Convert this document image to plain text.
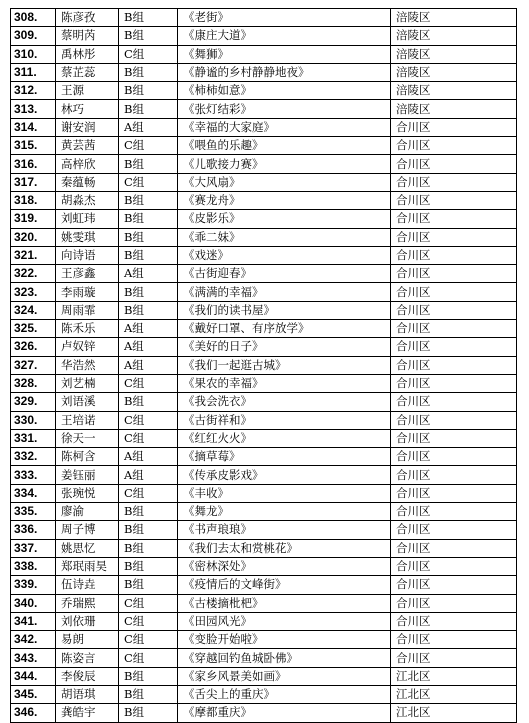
308.	陈彦孜	B组	《老街》	涪陵区
309.	蔡明芮	B组	《康庄大道》	涪陵区
310.	禹林彤	C组	《舞狮》	涪陵区
311.	蔡芷蕊	B组	《静谧的乡村静静地夜》	涪陵区
312.	王源	B组	《柿柿如意》	涪陵区
313.	林巧	B组	《张灯结彩》	涪陵区
314.	谢安润	A组	《幸福的大家庭》	合川区
315.	黄芸茜	C组	《喂鱼的乐趣》	合川区
316.	高梓欣	B组	《儿歌接力赛》	合川区
317.	秦蕴畅	C组	《大风扇》	合川区
318.	胡淼杰	B组	《赛龙舟》	合川区
319.	刘虹玮	B组	《皮影乐》	合川区
320.	姚雯琪	B组	《乖二妹》	合川区
321.	向诗语	B组	《戏迷》	合川区
322.	王彦鑫	A组	《古街迎春》	合川区
323.	李雨璇	B组	《满满的幸福》	合川区
324.	周雨霏	B组	《我们的读书屋》	合川区
325.	陈禾乐	A组	《戴好口罩、有序放学》	合川区
326.	卢奴锌	A组	《美好的日子》	合川区
327.	华浩然	A组	《我们一起逛古城》	合川区
328.	刘艺楠	C组	《果农的幸福》	合川区
329.	刘语溪	B组	《我会洗衣》	合川区
330.	王培诺	C组	《古街祥和》	合川区
331.	徐天一	C组	《红红火火》	合川区
332.	陈柯含	A组	《摘草莓》	合川区
333.	姜钰丽	A组	《传承皮影戏》	合川区
334.	张琬悦	C组	《丰收》	合川区
335.	廖渝	B组	《舞龙》	合川区
336.	周子博	B组	《书声琅琅》	合川区
337.	姚思忆	B组	《我们去太和赏桃花》	合川区
338.	郑珉雨昊	B组	《密林深处》	合川区
339.	伍诗垚	B组	《疫情后的文峰街》	合川区
340.	乔瑞熙	C组	《古楼摘枇杷》	合川区
341.	刘依珊	C组	《田园风光》	合川区
342.	易朗	C组	《变脸开始啦》	合川区
343.	陈姿言	C组	《穿越回钓鱼城卧佛》	合川区
344.	李俊辰	B组	《家乡风景美如画》	江北区
345.	胡语琪	B组	《舌尖上的重庆》	江北区
346.	龚皓宇	B组	《摩都重庆》	江北区
